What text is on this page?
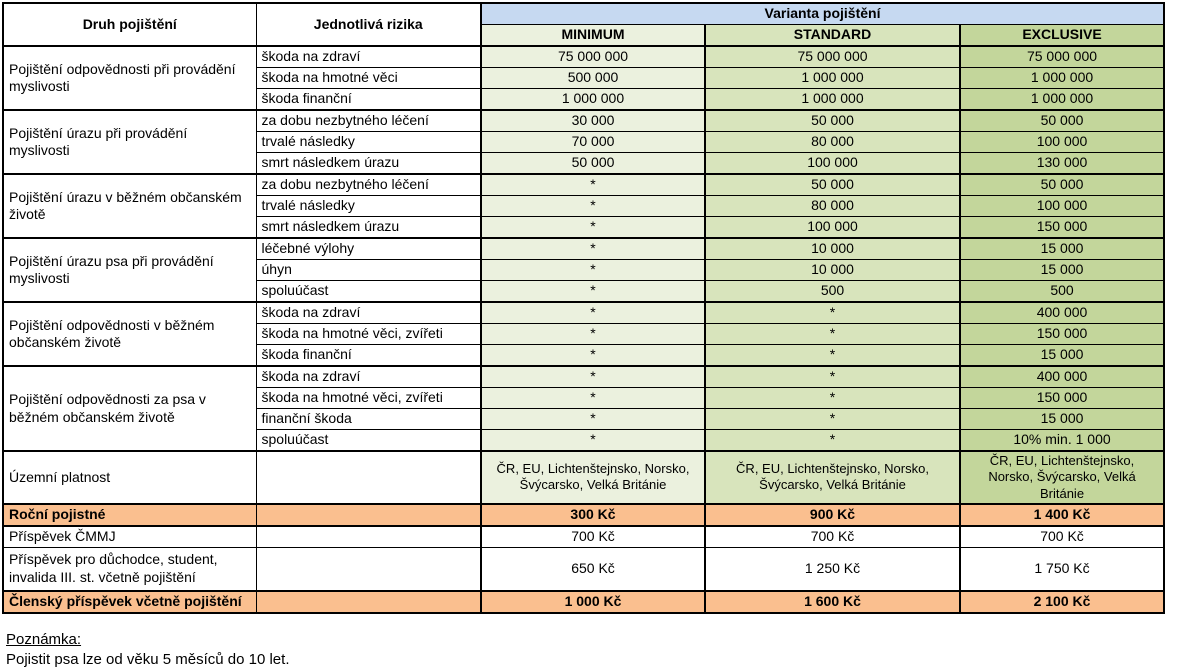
Druh pojištění	Jednotlivá rizika	Varianta pojištění		
		MINIMUM	STANDARD	EXCLUSIVE
Pojištění odpovědnosti při provádění myslivosti	škoda na zdraví	75 000 000	75 000 000	75 000 000
	škoda na hmotné věci	500 000	1 000 000	1 000 000
	škoda finanční	1 000 000	1 000 000	1 000 000
Pojištění úrazu při provádění myslivosti	za dobu nezbytného léčení	30 000	50 000	50 000
	trvalé následky	70 000	80 000	100 000
	smrt následkem úrazu	50 000	100 000	130 000
Pojištění úrazu v běžném občanském životě	za dobu nezbytného léčení	*	50 000	50 000
	trvalé následky	*	80 000	100 000
	smrt následkem úrazu	*	100 000	150 000
Pojištění úrazu psa při provádění myslivosti	léčebné výlohy	*	10 000	15 000
	úhyn	*	10 000	15 000
	spoluúčast	*	500	500
Pojištění odpovědnosti v běžném občanském životě	škoda na zdraví	*	*	400 000
	škoda na hmotné věci, zvířeti	*	*	150 000
	škoda finanční	*	*	15 000
Pojištění odpovědnosti za psa v běžném občanském životě	škoda na zdraví	*	*	400 000
	škoda na hmotné věci, zvířeti	*	*	150 000
	finanční škoda	*	*	15 000
	spoluúčast	*	*	10% min. 1 000
Územní platnost		ČR, EU, Lichtenštejnsko, Norsko, Švýcarsko, Velká Británie	ČR, EU, Lichtenštejnsko, Norsko, Švýcarsko, Velká Británie	ČR, EU, Lichtenštejnsko, Norsko, Švýcarsko, Velká Británie
Roční pojistné		300 Kč	900 Kč	1 400 Kč
Příspěvek ČMMJ		700 Kč	700 Kč	700 Kč
Příspěvek pro důchodce, student, invalida III. st. včetně pojištění		650 Kč	1 250 Kč	1 750 Kč
Členský příspěvek včetně pojištění		1 000 Kč	1 600 Kč	2 100 Kč

Poznámka:

Pojistit psa lze od věku 5 měsíců do 10 let.
